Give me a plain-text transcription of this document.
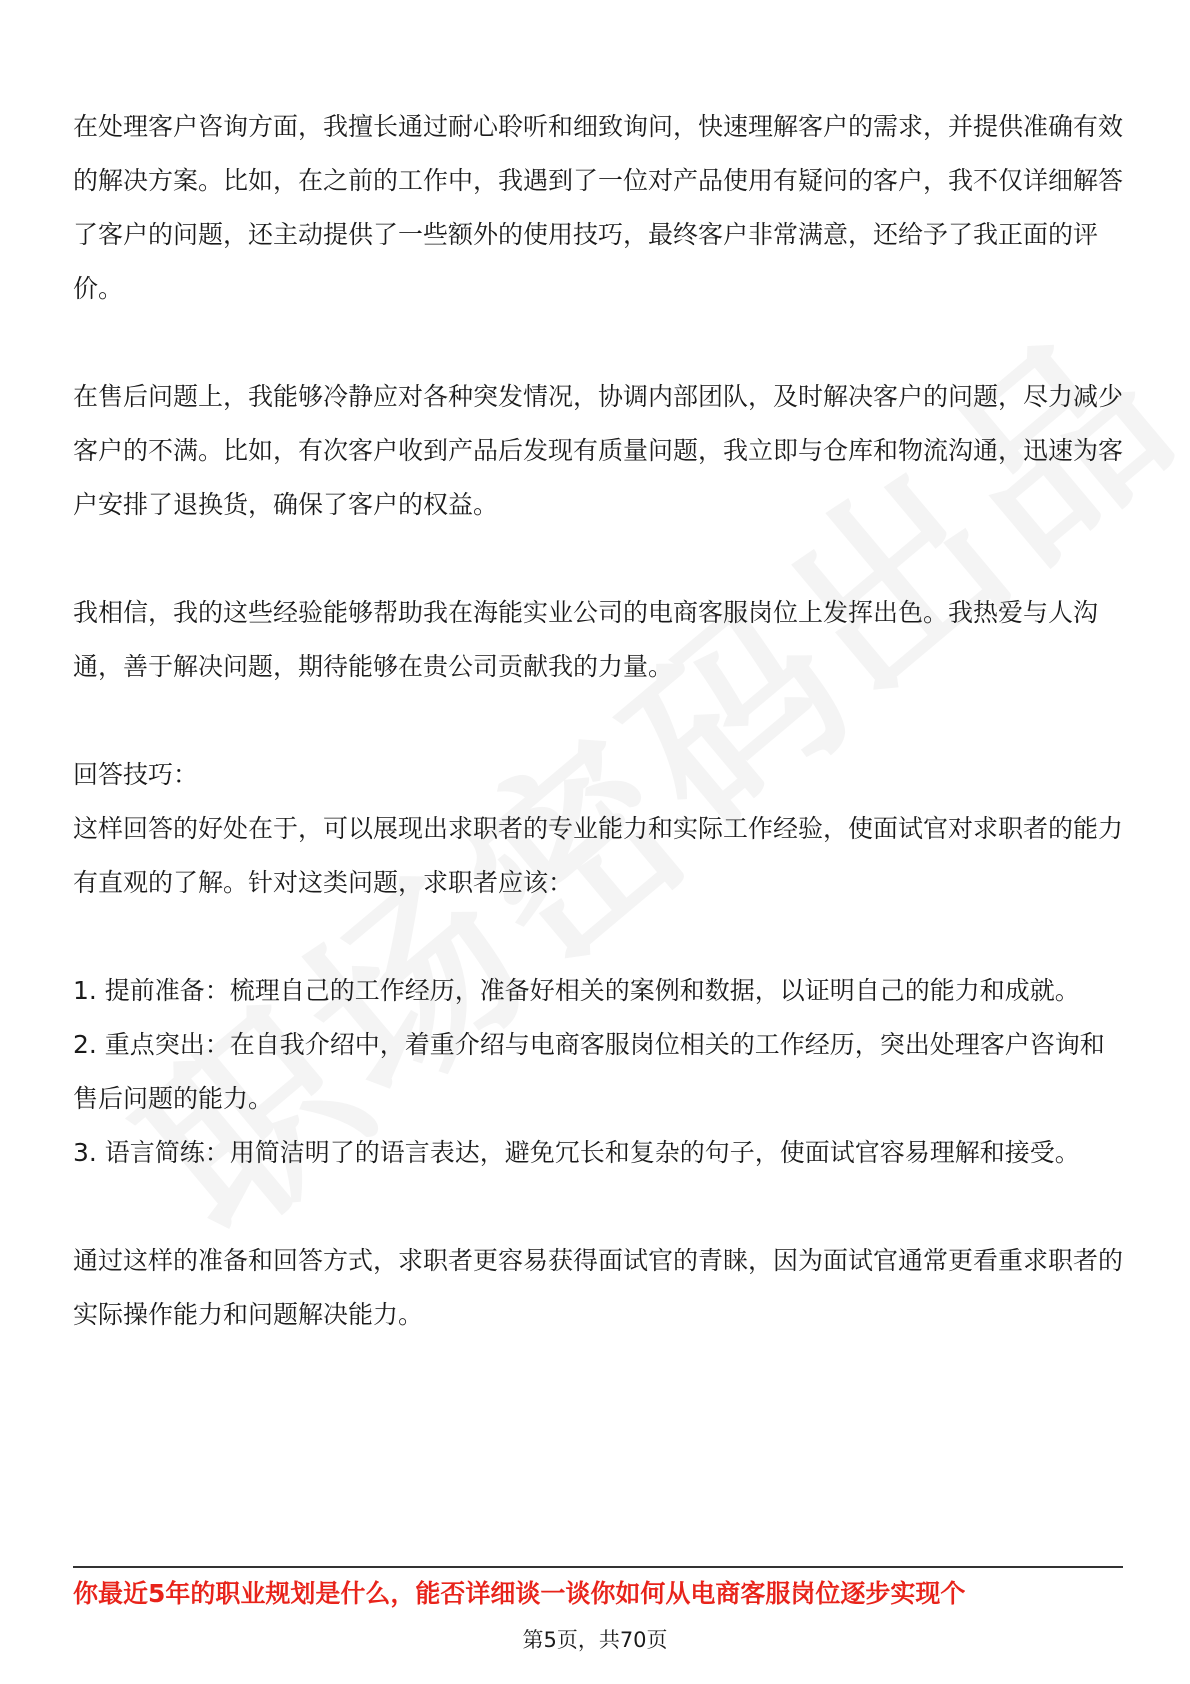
在处理客户咨询方面，我擅长通过耐心聆听和细致询问，快速理解客户的需求，并提供准确有效的解决方案。比如，在之前的工作中，我遇到了一位对产品使用有疑问的客户，我不仅详细解答了客户的问题，还主动提供了一些额外的使用技巧，最终客户非常满意，还给予了我正面的评价。

在售后问题上，我能够冷静应对各种突发情况，协调内部团队，及时解决客户的问题，尽力减少客户的不满。比如，有次客户收到产品后发现有质量问题，我立即与仓库和物流沟通，迅速为客户安排了退换货，确保了客户的权益。

我相信，我的这些经验能够帮助我在海能实业公司的电商客服岗位上发挥出色。我热爱与人沟通，善于解决问题，期待能够在贵公司贡献我的力量。

回答技巧：

这样回答的好处在于，可以展现出求职者的专业能力和实际工作经验，使面试官对求职者的能力有直观的了解。针对这类问题，求职者应该：

1. 提前准备：梳理自己的工作经历，准备好相关的案例和数据，以证明自己的能力和成就。

2. 重点突出：在自我介绍中，着重介绍与电商客服岗位相关的工作经历，突出处理客户咨询和售后问题的能力。

3. 语言简练：用简洁明了的语言表达，避免冗长和复杂的句子，使面试官容易理解和接受。

通过这样的准备和回答方式，求职者更容易获得面试官的青睐，因为面试官通常更看重求职者的实际操作能力和问题解决能力。

你最近5年的职业规划是什么，能否详细谈一谈你如何从电商客服岗位逐步实现个
第5页，共70页
